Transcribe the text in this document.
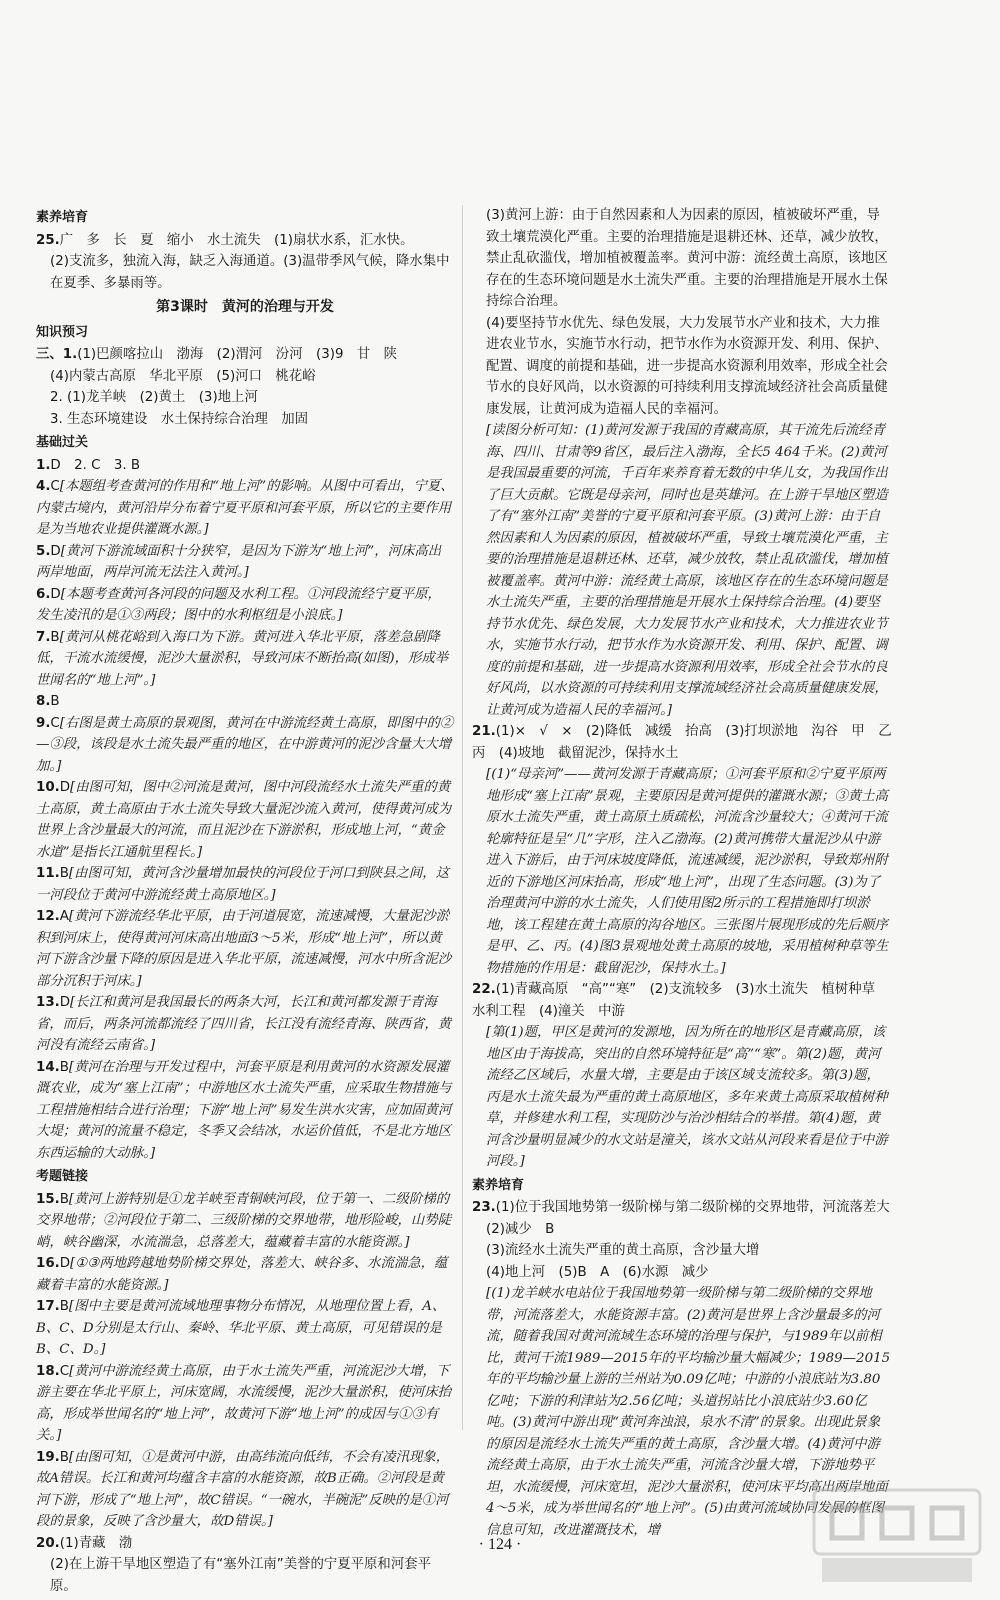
素养培育

25.广　多　长　夏　缩小　水土流失　(1)扇状水系，汇水快。

(2)支流多，独流入海，缺乏入海通道。(3)温带季风气候，降水集中在夏季、多暴雨等。

第3课时　黄河的治理与开发

知识预习

三、1.(1)巴颜喀拉山　渤海　(2)渭河　汾河　(3)9　甘　陕

(4)内蒙古高原　华北平原　(5)河口　桃花峪

2. (1)龙羊峡　(2)黄土　(3)地上河

3. 生态环境建设　水土保持综合治理　加固

基础过关

1.D　2. C　3. B

4.C[本题组考查黄河的作用和“地上河”的影响。从图中可看出，宁夏、内蒙古境内，黄河沿岸分布着宁夏平原和河套平原，所以它的主要作用是为当地农业提供灌溉水源。]

5.D[黄河下游流域面积十分狭窄，是因为下游为“地上河”，河床高出两岸地面，两岸河流无法注入黄河。]

6.D[本题考查黄河各河段的问题及水利工程。①河段流经宁夏平原，发生凌汛的是①③两段；图中的水利枢纽是小浪底。]

7.B[黄河从桃花峪到入海口为下游。黄河进入华北平原，落差急剧降低，干流水流缓慢，泥沙大量淤积，导致河床不断抬高(如图)，形成举世闻名的“地上河”。]

8.B

9.C[右图是黄土高原的景观图，黄河在中游流经黄土高原，即图中的②—③段，该段是水土流失最严重的地区，在中游黄河的泥沙含量大大增加。]

10.D[由图可知，图中②河流是黄河，图中河段流经水土流失严重的黄土高原，黄土高原由于水土流失导致大量泥沙流入黄河，使得黄河成为世界上含沙量最大的河流，而且泥沙在下游淤积，形成地上河，“黄金水道”是指长江通航里程长。]

11.B[由图可知，黄河含沙量增加最快的河段位于河口到陕县之间，这一河段位于黄河中游流经黄土高原地区。]

12.A[黄河下游流经华北平原，由于河道展宽，流速减慢，大量泥沙淤积到河床上，使得黄河河床高出地面3～5米，形成“地上河”，所以黄河下游含沙量下降的原因是进入华北平原，流速减慢，河水中所含泥沙部分沉积于河床。]

13.D[长江和黄河是我国最长的两条大河，长江和黄河都发源于青海省，而后，两条河流都流经了四川省，长江没有流经青海、陕西省，黄河没有流经云南省。]

14.B[黄河在治理与开发过程中，河套平原是利用黄河的水资源发展灌溉农业，成为“塞上江南”；中游地区水土流失严重，应采取生物措施与工程措施相结合进行治理；下游“地上河”易发生洪水灾害，应加固黄河大堤；黄河的流量不稳定，冬季又会结冰，水运价值低，不是北方地区东西运输的大动脉。]

考题链接

15.B[黄河上游特别是①龙羊峡至青铜峡河段，位于第一、二级阶梯的交界地带；②河段位于第二、三级阶梯的交界地带，地形险峻，山势陡峭，峡谷幽深，水流湍急，总落差大，蕴藏着丰富的水能资源。]

16.D[①③两地跨越地势阶梯交界处，落差大、峡谷多、水流湍急，蕴藏着丰富的水能资源。]

17.B[图中主要是黄河流域地理事物分布情况，从地理位置上看，A、B、C、D分别是太行山、秦岭、华北平原、黄土高原，可见错误的是B、C、D。]

18.C[黄河中游流经黄土高原，由于水土流失严重，河流泥沙大增，下游主要在华北平原上，河床宽阔，水流缓慢，泥沙大量淤积，使河床抬高，形成举世闻名的“地上河”，故黄河下游“地上河”的成因与①③有关。]

19.B[由图可知，①是黄河中游，由高纬流向低纬，不会有凌汛现象，故A错误。长江和黄河均蕴含丰富的水能资源，故B正确。②河段是黄河下游，形成了“地上河”，故C错误。“一碗水，半碗泥”反映的是①河段的景象，反映了含沙量大，故D错误。]

20.(1)青藏　渤

(2)在上游干旱地区塑造了有“塞外江南”美誉的宁夏平原和河套平原。

(3)黄河上游：由于自然因素和人为因素的原因，植被破坏严重，导致土壤荒漠化严重。主要的治理措施是退耕还林、还草，减少放牧，禁止乱砍滥伐，增加植被覆盖率。黄河中游：流经黄土高原，该地区存在的生态环境问题是水土流失严重。主要的治理措施是开展水土保持综合治理。

(4)要坚持节水优先、绿色发展，大力发展节水产业和技术，大力推进农业节水，实施节水行动，把节水作为水资源开发、利用、保护、配置、调度的前提和基础，进一步提高水资源利用效率，形成全社会节水的良好风尚，以水资源的可持续利用支撑流域经济社会高质量健康发展，让黄河成为造福人民的幸福河。

[读图分析可知：(1)黄河发源于我国的青藏高原，其干流先后流经青海、四川、甘肃等9省区，最后注入渤海，全长5 464千米。(2)黄河是我国最重要的河流，千百年来养育着无数的中华儿女，为我国作出了巨大贡献。它既是母亲河，同时也是英雄河。在上游干旱地区塑造了有“塞外江南”美誉的宁夏平原和河套平原。(3)黄河上游：由于自然因素和人为因素的原因，植被破坏严重，导致土壤荒漠化严重，主要的治理措施是退耕还林、还草，减少放牧，禁止乱砍滥伐，增加植被覆盖率。黄河中游：流经黄土高原，该地区存在的生态环境问题是水土流失严重，主要的治理措施是开展水土保持综合治理。(4)要坚持节水优先、绿色发展，大力发展节水产业和技术，大力推进农业节水，实施节水行动，把节水作为水资源开发、利用、保护、配置、调度的前提和基础，进一步提高水资源利用效率，形成全社会节水的良好风尚，以水资源的可持续利用支撑流域经济社会高质量健康发展，让黄河成为造福人民的幸福河。]

21.(1)×　√　×　(2)降低　减缓　抬高　(3)打坝淤地　沟谷　甲　乙　丙　(4)坡地　截留泥沙，保持水土

[(1)“母亲河”——黄河发源于青藏高原；①河套平原和②宁夏平原两地形成“塞上江南”景观，主要原因是黄河提供的灌溉水源；③黄土高原水土流失严重，黄土高原土质疏松，河流含沙量较大；④黄河干流轮廓特征是呈“几”字形，注入乙渤海。(2)黄河携带大量泥沙从中游进入下游后，由于河床坡度降低，流速减缓，泥沙淤积，导致郑州附近的下游地区河床抬高，形成“地上河”，出现了生态问题。(3)为了治理黄河中游的水土流失，人们使用图2所示的工程措施即打坝淤地，该工程建在黄土高原的沟谷地区。三张图片展现形成的先后顺序是甲、乙、丙。(4)图3景观地处黄土高原的坡地，采用植树种草等生物措施的作用是：截留泥沙，保持水土。]

22.(1)青藏高原　“高”“寒”　(2)支流较多　(3)水土流失　植树种草　水利工程　(4)潼关　中游

[第(1)题，甲区是黄河的发源地，因为所在的地形区是青藏高原，该地区由于海拔高，突出的自然环境特征是“高”“寒”。第(2)题，黄河流经乙区域后，水量大增，主要是由于该区域支流较多。第(3)题，丙是水土流失最为严重的黄土高原地区，多年来黄土高原采取植树种草，并修建水利工程，实现防沙与治沙相结合的举措。第(4)题，黄河含沙量明显减少的水文站是潼关，该水文站从河段来看是位于中游河段。]

素养培育

23.(1)位于我国地势第一级阶梯与第二级阶梯的交界地带，河流落差大

(2)减少　B

(3)流经水土流失严重的黄土高原，含沙量大增

(4)地上河　(5)B　A　(6)水源　减少

[(1)龙羊峡水电站位于我国地势第一级阶梯与第二级阶梯的交界地带，河流落差大，水能资源丰富。(2)黄河是世界上含沙量最多的河流，随着我国对黄河流域生态环境的治理与保护，与1989年以前相比，黄河干流1989—2015年的平均输沙量大幅减少；1989—2015年的平均输沙量上游的兰州站为0.09亿吨；中游的小浪底站为3.80亿吨；下游的利津站为2.56亿吨；头道拐站比小浪底站少3.60亿吨。(3)黄河中游出现“黄河奔浊浪，泉水不清”的景象。出现此景象的原因是流经水土流失严重的黄土高原，含沙量大增。(4)黄河中游流经黄土高原，由于水土流失严重，河流含沙量大增，下游地势平坦，水流缓慢，河床宽坦，泥沙大量淤积，使河床平均高出两岸地面4～5米，成为举世闻名的“地上河”。(5)由黄河流域协同发展的框图信息可知，改进灌溉技术，增

· 124 ·
